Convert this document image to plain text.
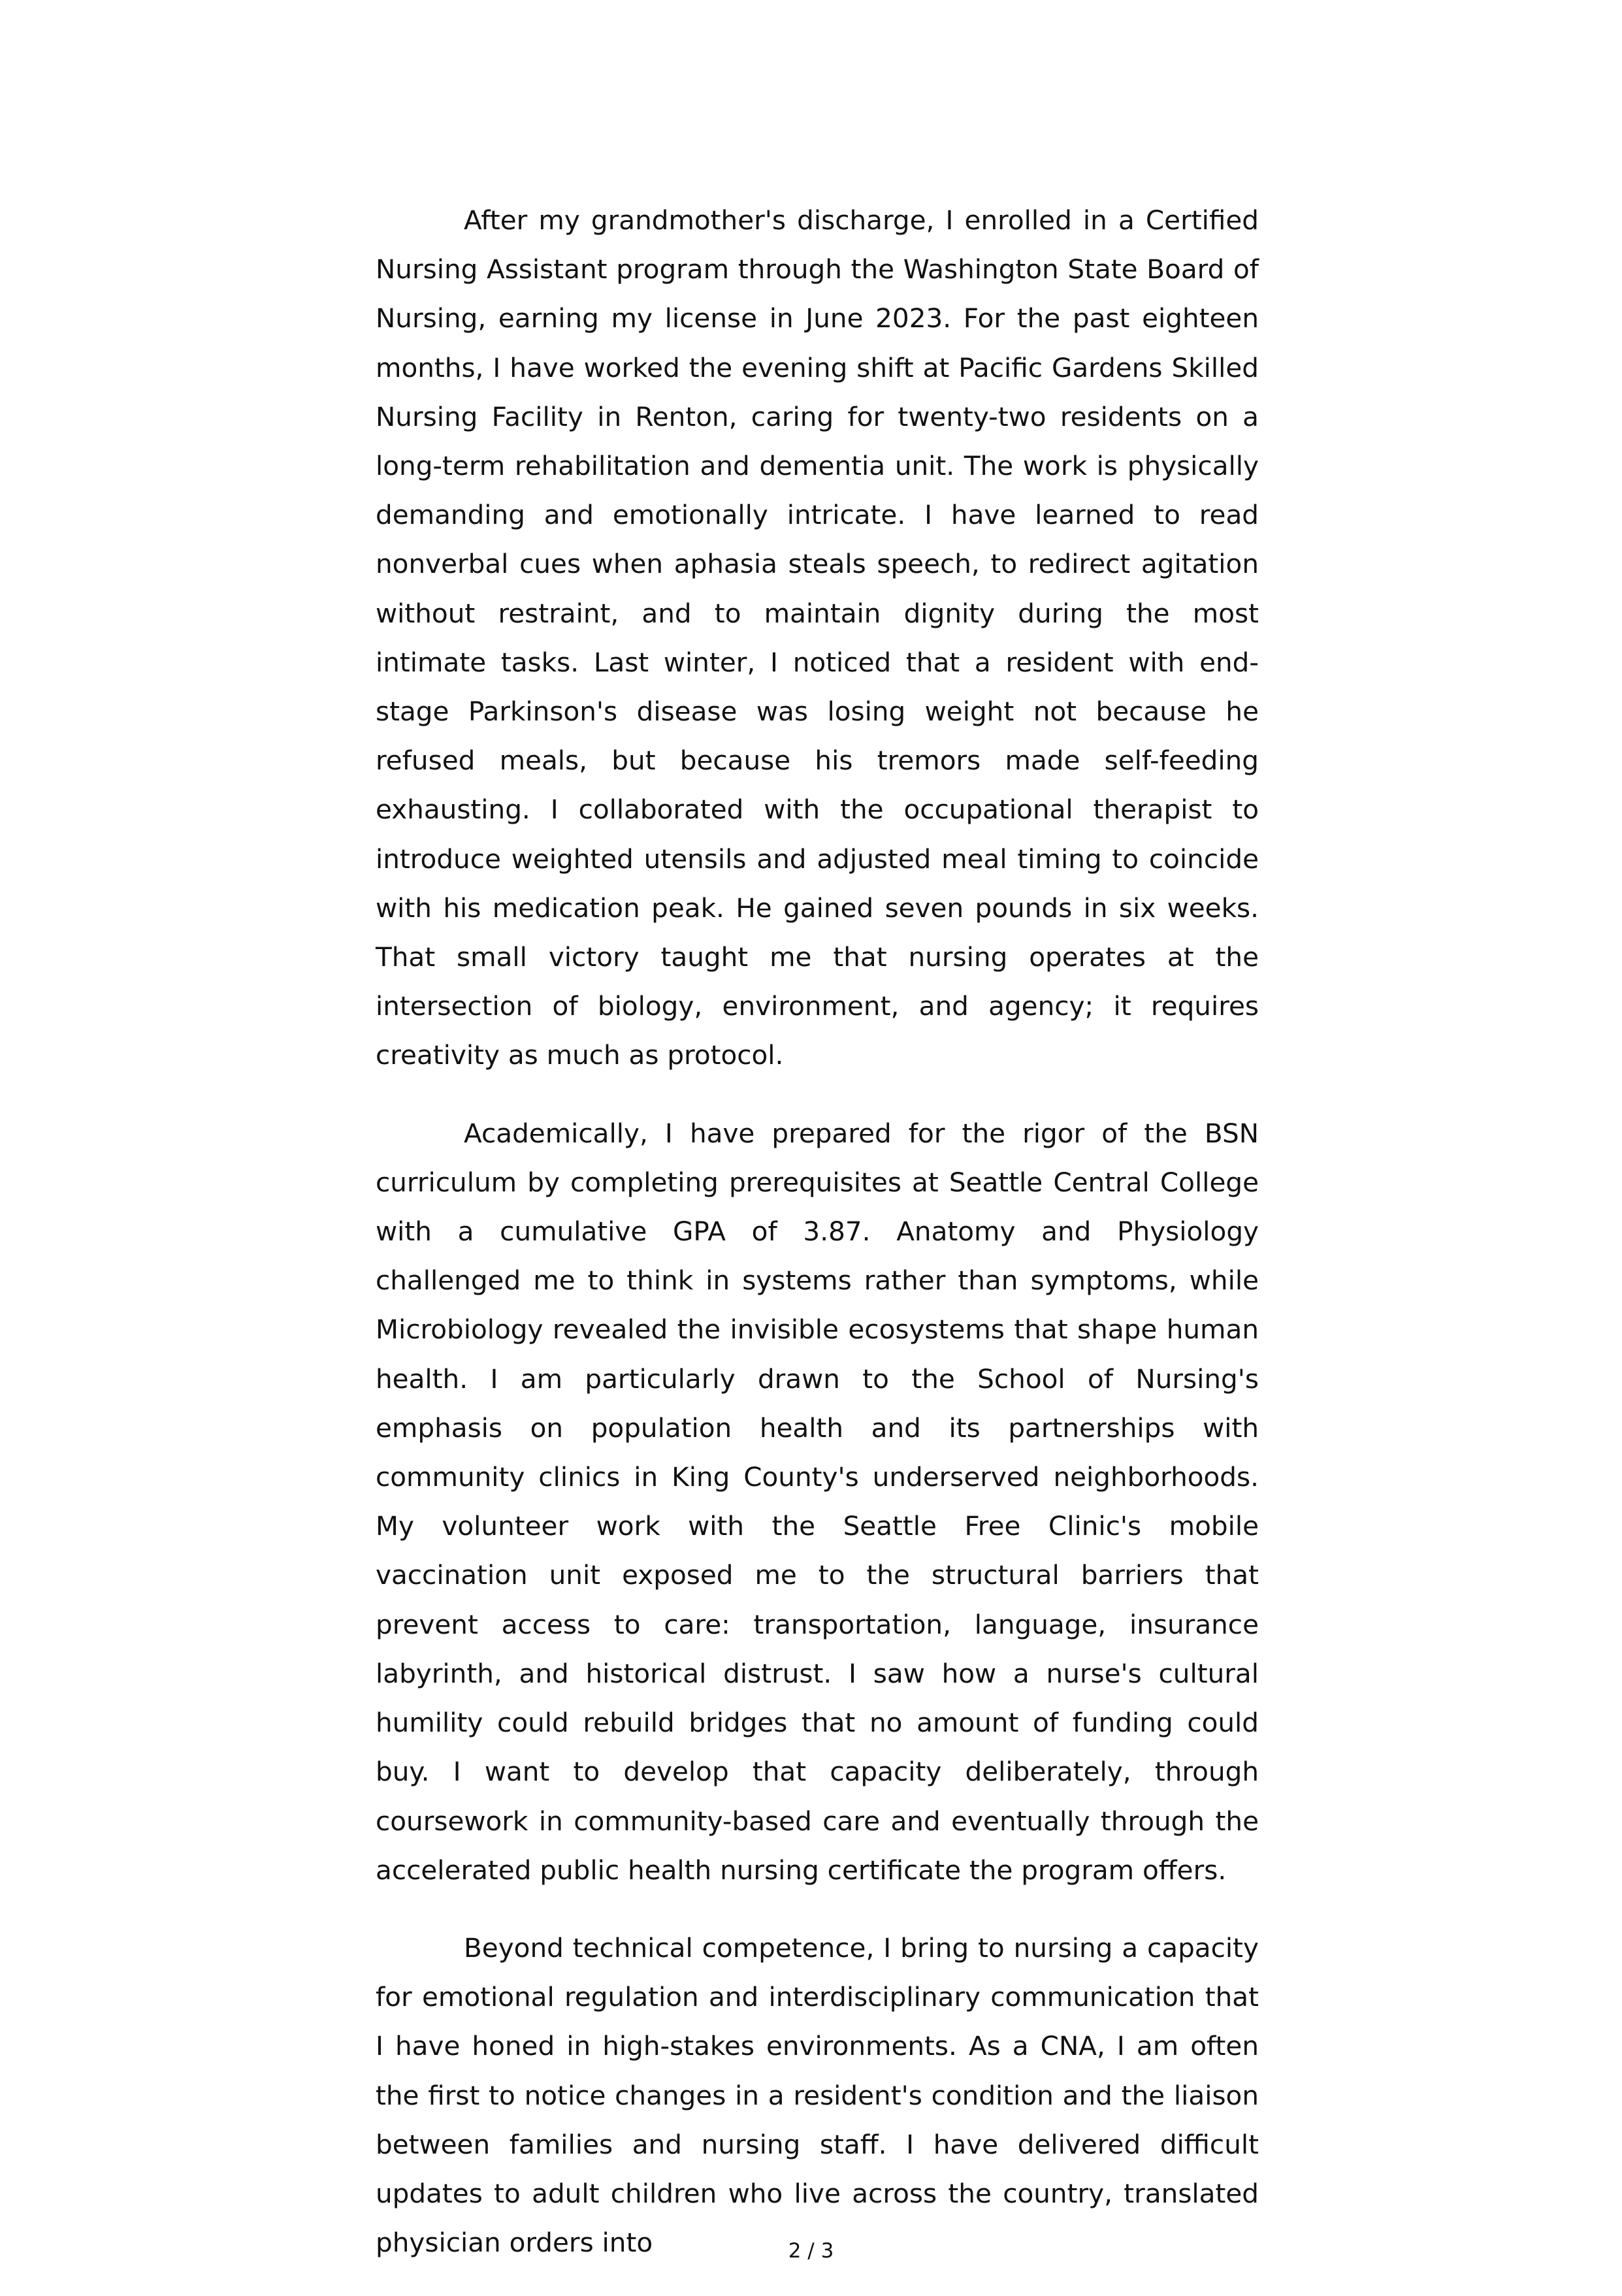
After my grandmother's discharge, I enrolled in a Certified Nursing Assistant program through the Washington State Board of Nursing, earning my license in June 2023. For the past eighteen months, I have worked the evening shift at Pacific Gardens Skilled Nursing Facility in Renton, caring for twenty-two residents on a long-term rehabilitation and dementia unit. The work is physically demanding and emotionally intricate. I have learned to read nonverbal cues when aphasia steals speech, to redirect agitation without restraint, and to maintain dignity during the most intimate tasks. Last winter, I noticed that a resident with end-stage Parkinson's disease was losing weight not because he refused meals, but because his tremors made self-feeding exhausting. I collaborated with the occupational therapist to introduce weighted utensils and adjusted meal timing to coincide with his medication peak. He gained seven pounds in six weeks. That small victory taught me that nursing operates at the intersection of biology, environment, and agency; it requires creativity as much as protocol.

Academically, I have prepared for the rigor of the BSN curriculum by completing prerequisites at Seattle Central College with a cumulative GPA of 3.87. Anatomy and Physiology challenged me to think in systems rather than symptoms, while Microbiology revealed the invisible ecosystems that shape human health. I am particularly drawn to the School of Nursing's emphasis on population health and its partnerships with community clinics in King County's underserved neighborhoods. My volunteer work with the Seattle Free Clinic's mobile vaccination unit exposed me to the structural barriers that prevent access to care: transportation, language, insurance labyrinth, and historical distrust. I saw how a nurse's cultural humility could rebuild bridges that no amount of funding could buy. I want to develop that capacity deliberately, through coursework in community-based care and eventually through the accelerated public health nursing certificate the program offers.

Beyond technical competence, I bring to nursing a capacity for emotional regulation and interdisciplinary communication that I have honed in high-stakes environments. As a CNA, I am often the first to notice changes in a resident's condition and the liaison between families and nursing staff. I have delivered difficult updates to adult children who live across the country, translated physician orders into	2 / 3
